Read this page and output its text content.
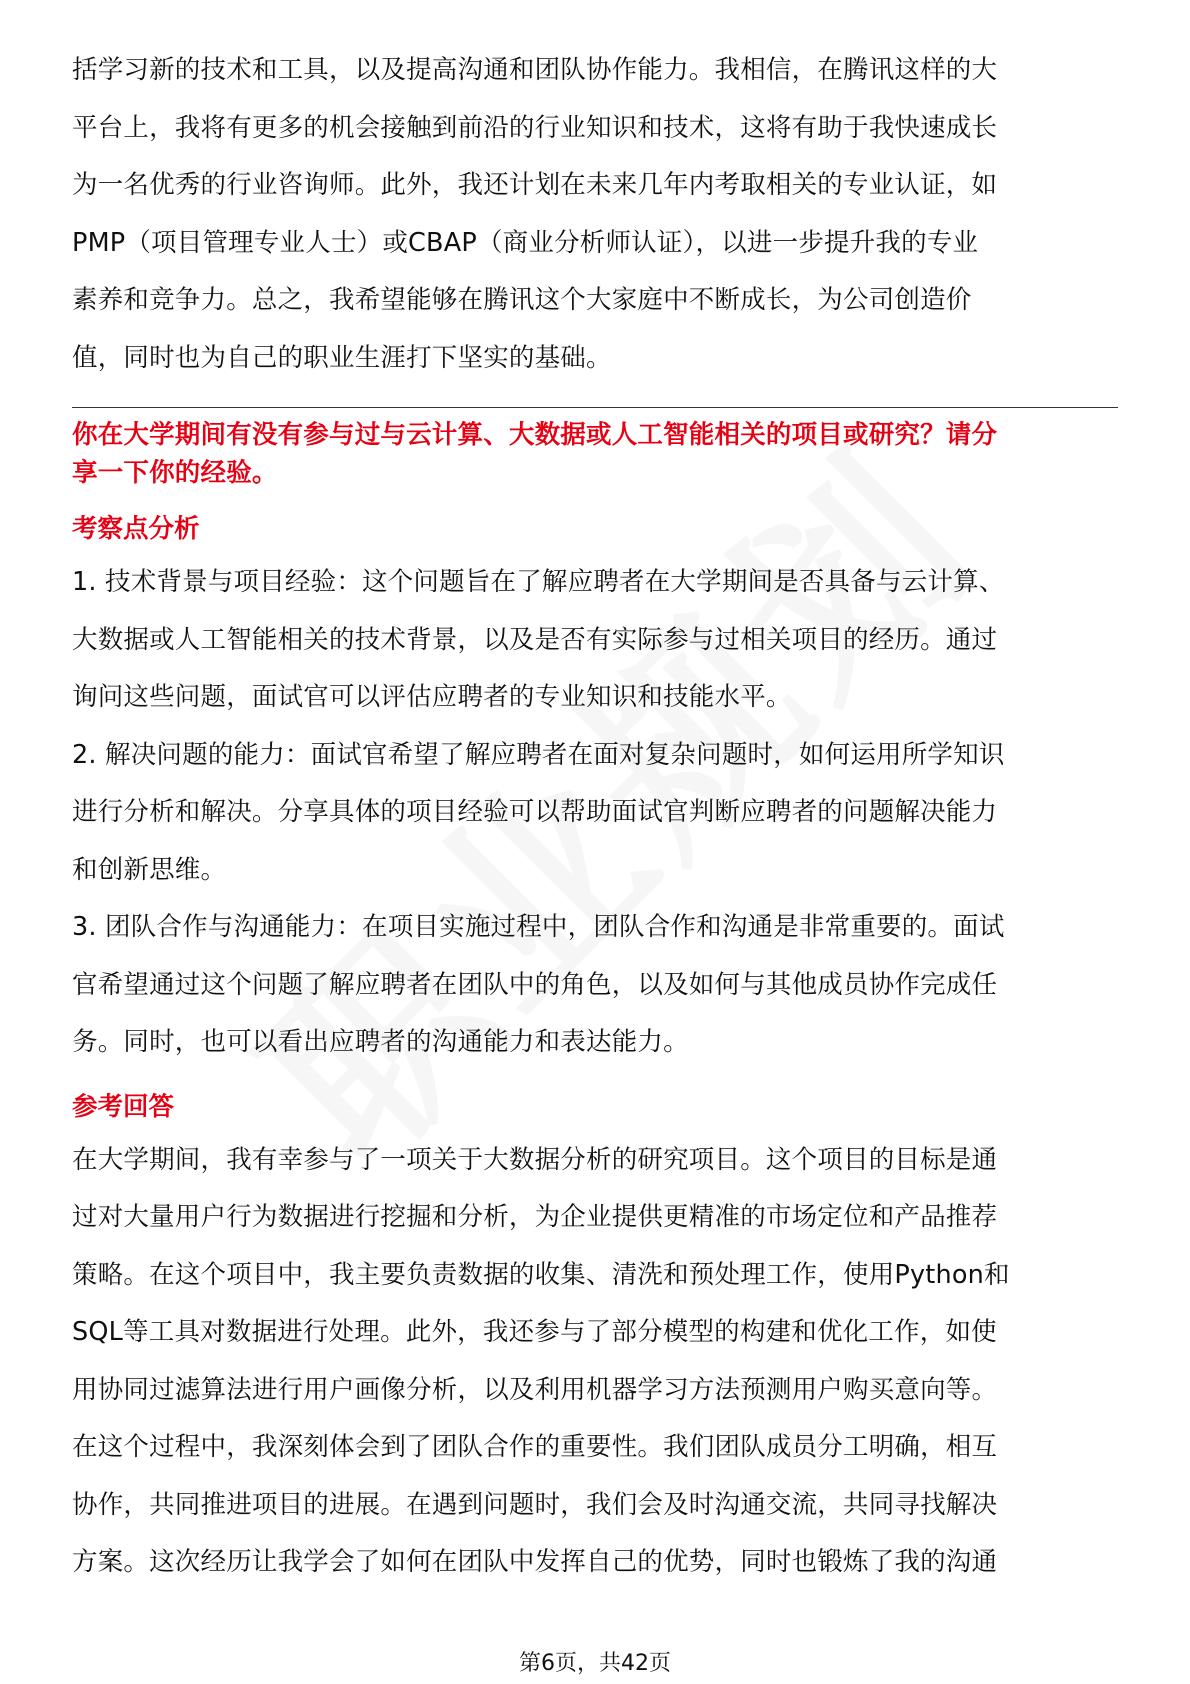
括学习新的技术和工具，以及提高沟通和团队协作能力。我相信，在腾讯这样的大
平台上，我将有更多的机会接触到前沿的行业知识和技术，这将有助于我快速成长
为一名优秀的行业咨询师。此外，我还计划在未来几年内考取相关的专业认证，如
PMP（项目管理专业人士）或CBAP（商业分析师认证），以进一步提升我的专业
素养和竞争力。总之，我希望能够在腾讯这个大家庭中不断成长，为公司创造价
值，同时也为自己的职业生涯打下坚实的基础。
你在大学期间有没有参与过与云计算、大数据或人工智能相关的项目或研究？请分
享一下你的经验。
考察点分析
1. 技术背景与项目经验：这个问题旨在了解应聘者在大学期间是否具备与云计算、
大数据或人工智能相关的技术背景，以及是否有实际参与过相关项目的经历。通过
询问这些问题，面试官可以评估应聘者的专业知识和技能水平。
2. 解决问题的能力：面试官希望了解应聘者在面对复杂问题时，如何运用所学知识
进行分析和解决。分享具体的项目经验可以帮助面试官判断应聘者的问题解决能力
和创新思维。
3. 团队合作与沟通能力：在项目实施过程中，团队合作和沟通是非常重要的。面试
官希望通过这个问题了解应聘者在团队中的角色，以及如何与其他成员协作完成任
务。同时，也可以看出应聘者的沟通能力和表达能力。
参考回答
在大学期间，我有幸参与了一项关于大数据分析的研究项目。这个项目的目标是通
过对大量用户行为数据进行挖掘和分析，为企业提供更精准的市场定位和产品推荐
策略。在这个项目中，我主要负责数据的收集、清洗和预处理工作，使用Python和
SQL等工具对数据进行处理。此外，我还参与了部分模型的构建和优化工作，如使
用协同过滤算法进行用户画像分析，以及利用机器学习方法预测用户购买意向等。
在这个过程中，我深刻体会到了团队合作的重要性。我们团队成员分工明确，相互
协作，共同推进项目的进展。在遇到问题时，我们会及时沟通交流，共同寻找解决
方案。这次经历让我学会了如何在团队中发挥自己的优势，同时也锻炼了我的沟通
第6页，共42页
